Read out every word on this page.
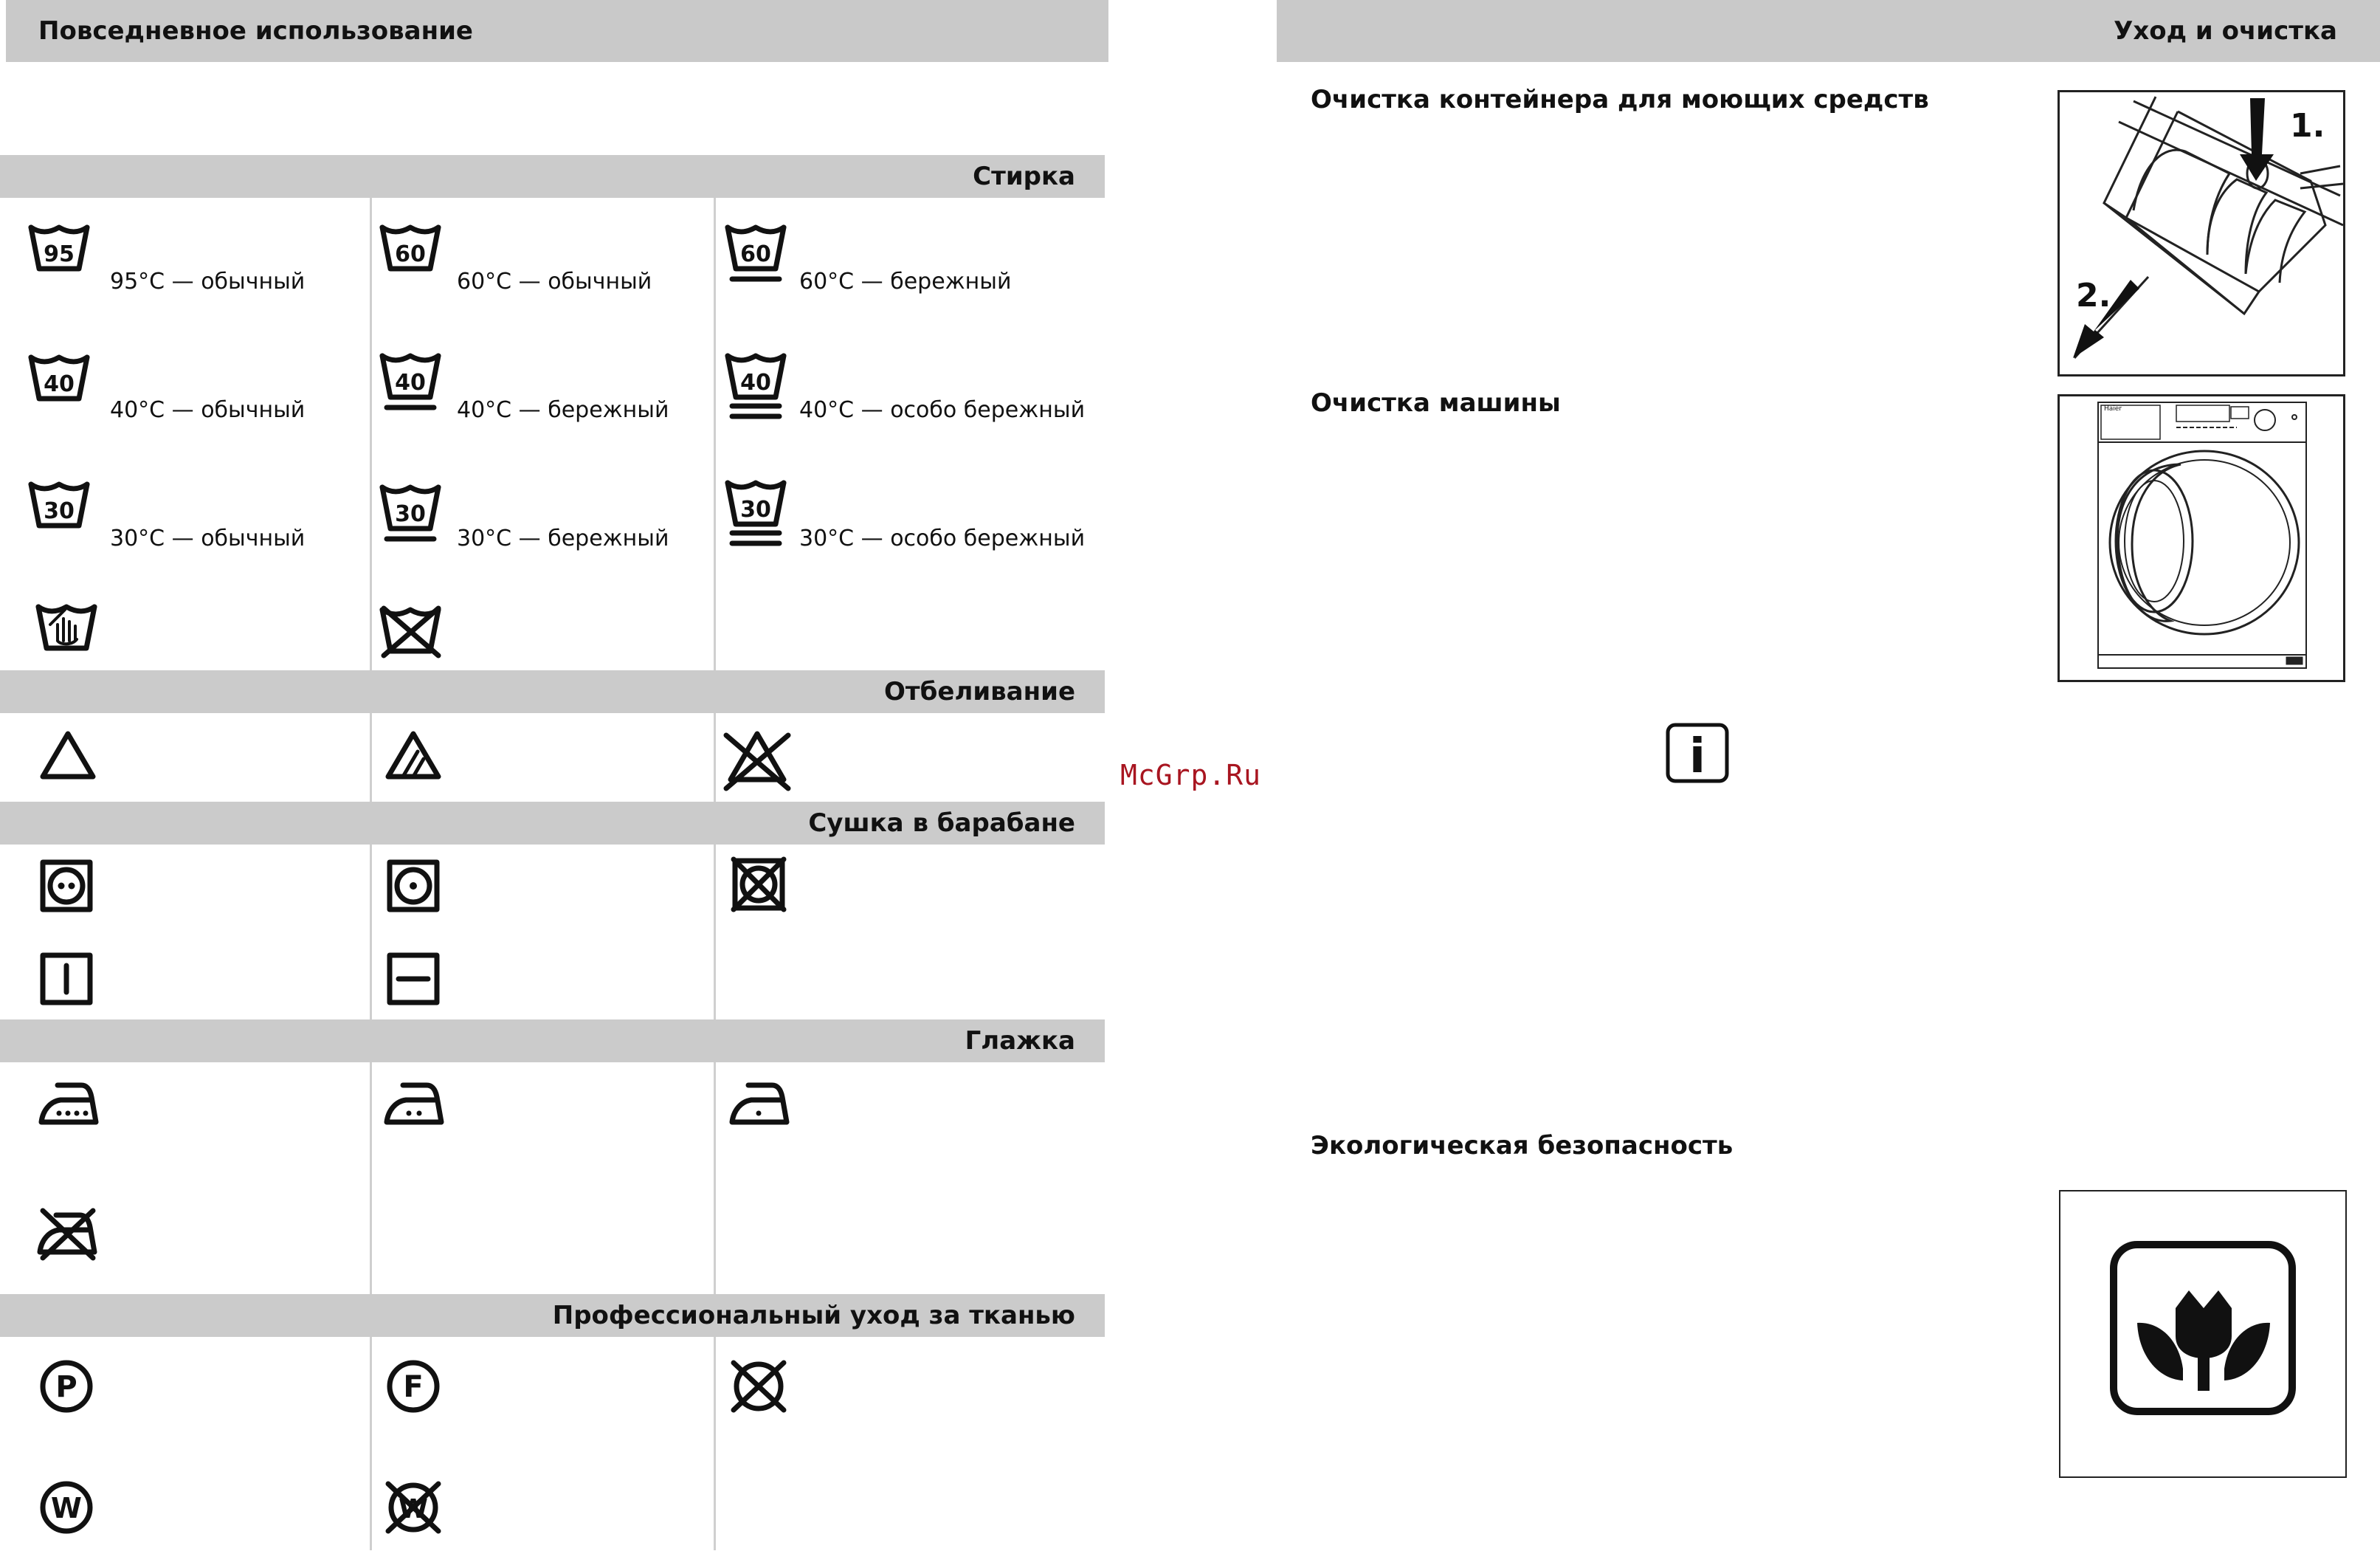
Повседневное использование
Стирка
Отбеливание
Сушка в барабане
Глажка
Профессиональный уход за тканью
95
95°C — обычный
60
60°C — обычный
60
60°C — бережный
40
40°C — обычный
40
40°C — бережный
40
40°C — особо бережный
30
30°C — обычный
30
30°C — бережный
30
30°C — особо бережный
P	F
W	W
McGrp.Ru
Уход и очистка
Очистка контейнера для моющих средств
Очистка машины
Экологическая безопасность
1.
2.
Haier
i
